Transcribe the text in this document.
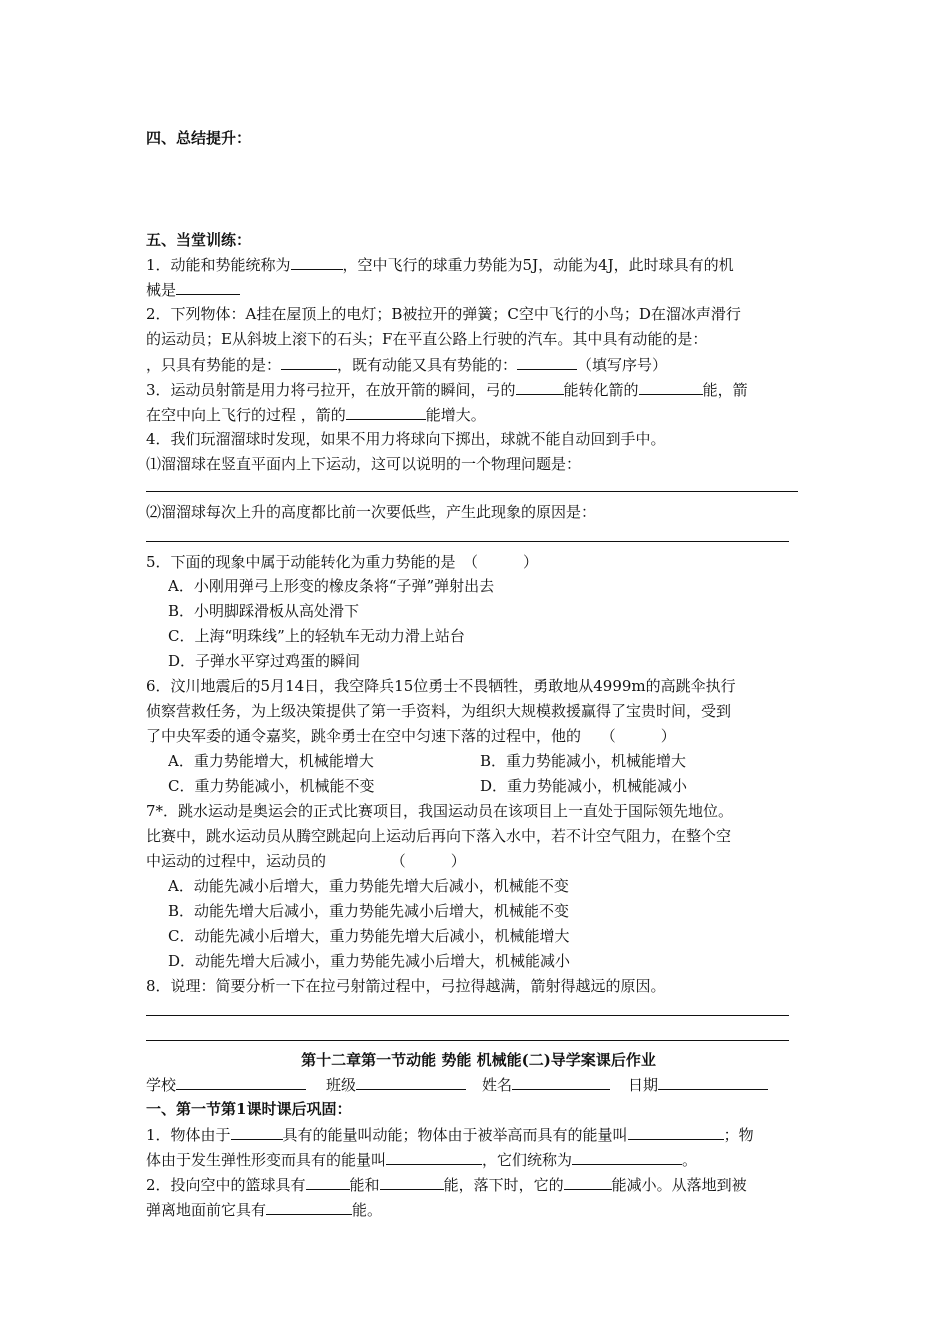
四、总结提升：
五、当堂训练：
1．动能和势能统称为	，空中飞行的球重力势能为5J，动能为4J，此时球具有的机
械是
2．下列物体：A挂在屋顶上的电灯；B被拉开的弹簧；C空中飞行的小鸟；D在溜冰声滑行
的运动员；E从斜坡上滚下的石头；F在平直公路上行驶的汽车。其中具有动能的是：
，只具有势能的是：	，既有动能又具有势能的：	（填写序号）
3．运动员射箭是用力将弓拉开，在放开箭的瞬间，弓的	能转化箭的	能，箭
在空中向上飞行的过程 ，箭的	能增大。
4．我们玩溜溜球时发现，如果不用力将球向下掷出，球就不能自动回到手中。
⑴溜溜球在竖直平面内上下运动，这可以说明的一个物理问题是：
⑵溜溜球每次上升的高度都比前一次要低些，产生此现象的原因是：
5．下面的现象中属于动能转化为重力势能的是　（　　　）
A．小刚用弹弓上形变的橡皮条将“子弹”弹射出去
B．小明脚踩滑板从高处滑下
C．上海“明珠线”上的轻轨车无动力滑上站台
D．子弹水平穿过鸡蛋的瞬间
6．汶川地震后的5月14日，我空降兵15位勇士不畏牺牲，勇敢地从4999m的高跳伞执行
侦察营救任务，为上级决策提供了第一手资料，为组织大规模救援赢得了宝贵时间，受到
了中央军委的通令嘉奖，跳伞勇士在空中匀速下落的过程中，他的　 （　　　）
A．重力势能增大，机械能增大	B．重力势能减小，机械能增大
C．重力势能减小，机械能不变	D．重力势能减小，机械能减小
7*．跳水运动是奥运会的正式比赛项目，我国运动员在该项目上一直处于国际领先地位。
比赛中，跳水运动员从腾空跳起向上运动后再向下落入水中，若不计空气阻力，在整个空
中运动的过程中，运动员的　　　　 （　　　）
A．动能先减小后增大，重力势能先增大后减小，机械能不变
B．动能先增大后减小，重力势能先减小后增大，机械能不变
C．动能先减小后增大，重力势能先增大后减小，机械能增大
D．动能先增大后减小，重力势能先减小后增大，机械能减小
8．说理：简要分析一下在拉弓射箭过程中，弓拉得越满，箭射得越远的原因。
第十二章第一节动能 势能 机械能(二)导学案课后作业
学校	班级	姓名	日期
一、第一节第1课时课后巩固：
1．物体由于	具有的能量叫动能；物体由于被举高而具有的能量叫	；物
体由于发生弹性形变而具有的能量叫	，它们统称为	。
2．投向空中的篮球具有	能和	能，落下时，它的	能减小。从落地到被
弹离地面前它具有	能。
